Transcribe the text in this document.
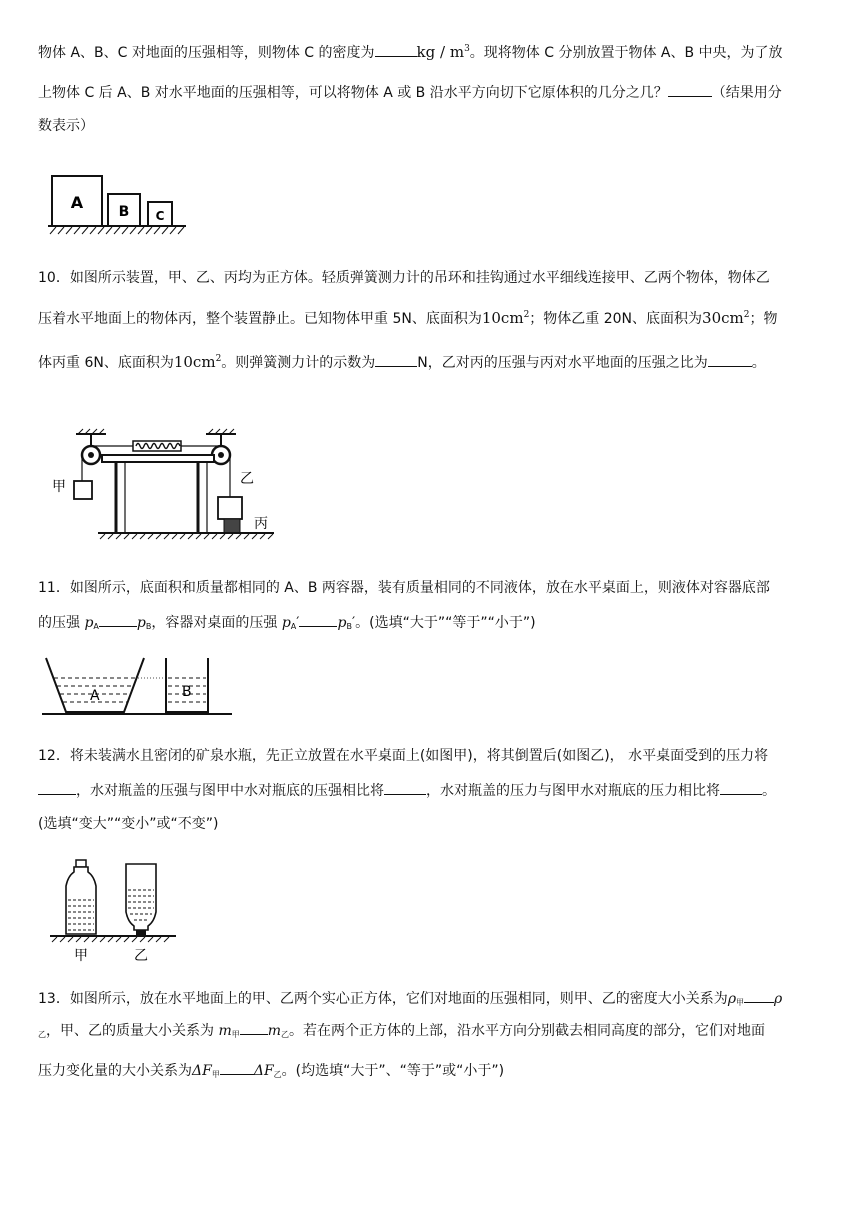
物体 A、B、C 对地面的压强相等，则物体 C 的密度为	kg / $m^3$。现将物体 C 分别放置于物体 A、B 中央，为了放
上物体 C 后 A、B 对水平地面的压强相等，可以将物体 A 或 B 沿水平方向切下它原体积的几分之几？	（结果用分
数表示）
A	B C
10．如图所示装置，甲、乙、丙均为正方体。轻质弹簧测力计的吊环和挂钩通过水平细线连接甲、乙两个物体，物体乙
压着水平地面上的物体丙，整个装置静止。已知物体甲重 5N、底面积为$10cm^2$；物体乙重 20N、底面积为$30cm^2$；物
体丙重 6N、底面积为$10cm^2$。则弹簧测力计的示数为	N，乙对丙的压强与丙对水平地面的压强之比为	。
甲	乙
丙
11．如图所示，底面积和质量都相同的 A、B 两容器，装有质量相同的不同液体，放在水平桌面上，则液体对容器底部
的压强 $p_A$	$p_B$，容器对桌面的压强 $p_A'$	$p_B'$。(选填“大于”“等于”“小于”)
A	B
12．将未装满水且密闭的矿泉水瓶，先正立放置在水平桌面上(如图甲)，将其倒置后(如图乙)， 水平桌面受到的压力将
，水对瓶盖的压强与图甲中水对瓶底的压强相比将	，水对瓶盖的压力与图甲水对瓶底的压力相比将	。
(选填“变大”“变小”或“不变”)
甲	乙
13．如图所示，放在水平地面上的甲、乙两个实心正方体，它们对地面的压强相同，则甲、乙的密度大小关系为$\rho_甲$ ρ
$_乙$，甲、乙的质量大小关系为 $m_甲$ $m_乙$。若在两个正方体的上部，沿水平方向分别截去相同高度的部分，它们对地面
压力变化量的大小关系为$\Delta F_甲$ $\Delta F_乙$。(均选填“大于”、“等于”或“小于”)
